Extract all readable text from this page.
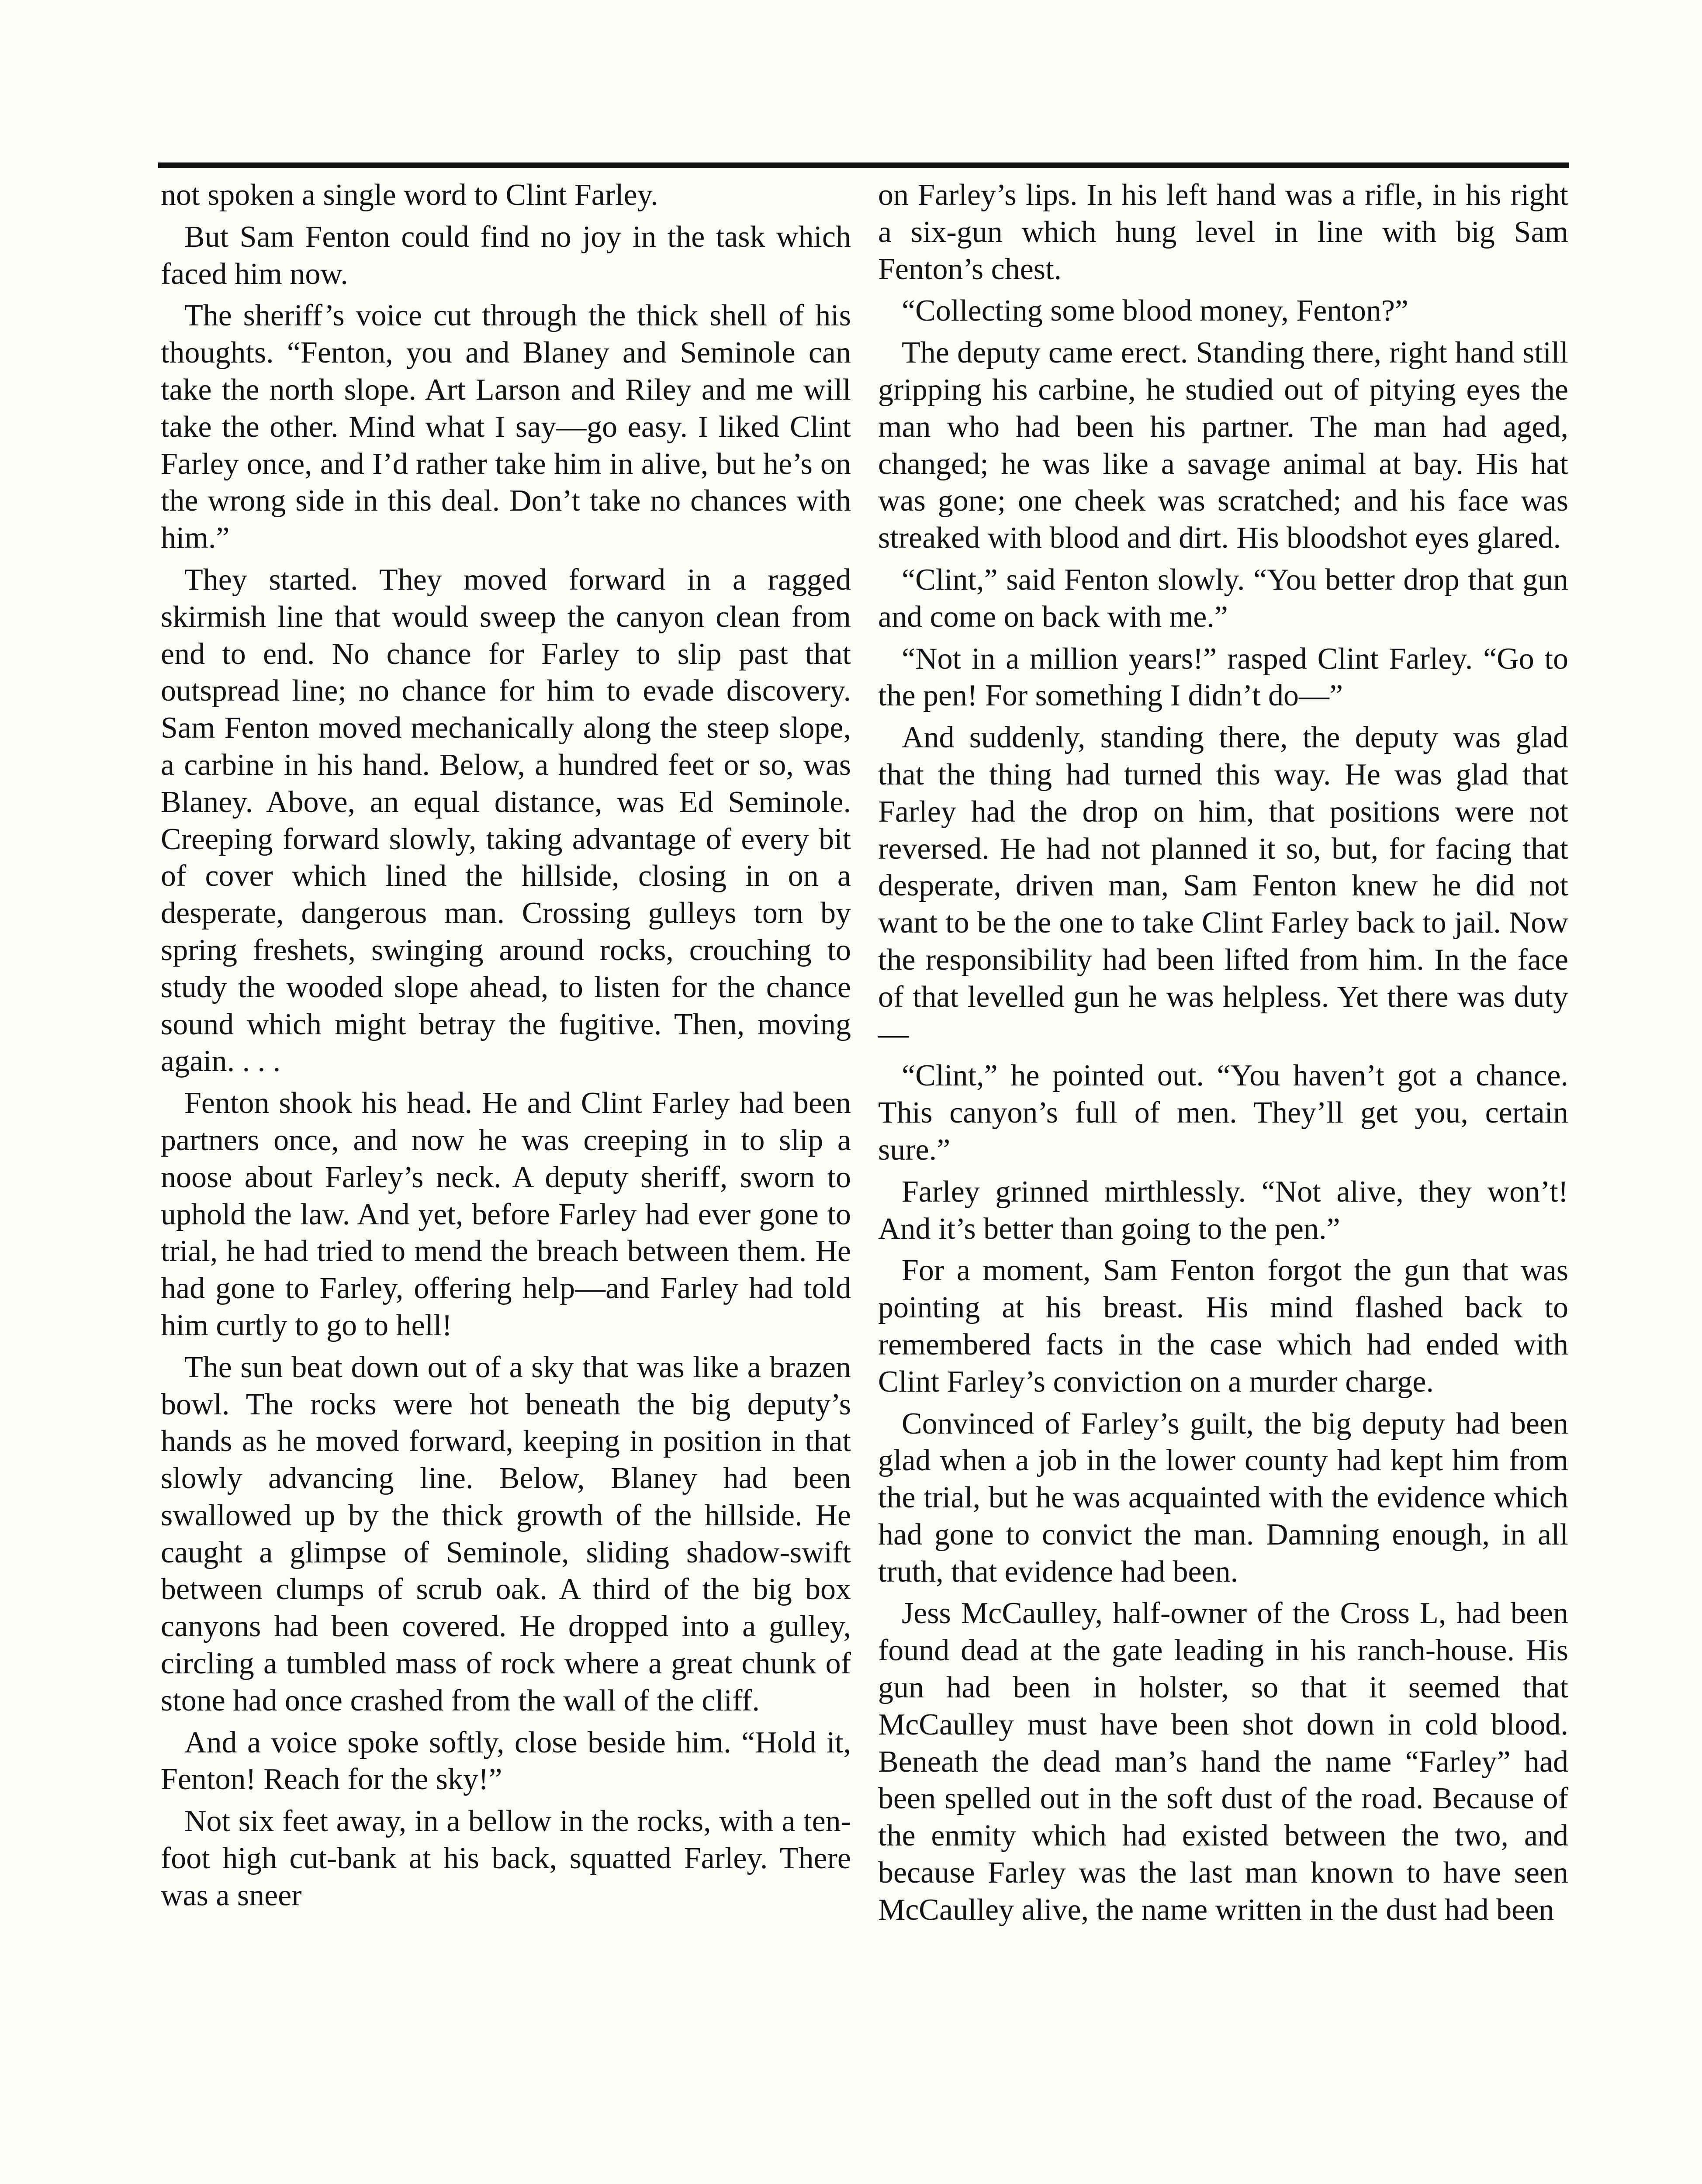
not spoken a single word to Clint Farley.

But Sam Fenton could find no joy in the task which faced him now.

The sheriff’s voice cut through the thick shell of his thoughts. “Fenton, you and Blaney and Seminole can take the north slope. Art Larson and Riley and me will take the other. Mind what I say—go easy. I liked Clint Farley once, and I’d rather take him in alive, but he’s on the wrong side in this deal. Don’t take no chances with him.”

They started. They moved forward in a ragged skirmish line that would sweep the canyon clean from end to end. No chance for Farley to slip past that outspread line; no chance for him to evade discovery. Sam Fenton moved mechanically along the steep slope, a carbine in his hand. Below, a hundred feet or so, was Blaney. Above, an equal distance, was Ed Seminole. Creeping forward slowly, taking advantage of every bit of cover which lined the hillside, closing in on a desperate, dangerous man. Crossing gulleys torn by spring freshets, swinging around rocks, crouching to study the wooded slope ahead, to listen for the chance sound which might betray the fugitive. Then, moving again. . . .

Fenton shook his head. He and Clint Farley had been partners once, and now he was creeping in to slip a noose about Farley’s neck. A deputy sheriff, sworn to uphold the law. And yet, before Farley had ever gone to trial, he had tried to mend the breach between them. He had gone to Farley, offering help—and Farley had told him curtly to go to hell!

The sun beat down out of a sky that was like a brazen bowl. The rocks were hot beneath the big deputy’s hands as he moved forward, keeping in position in that slowly advancing line. Below, Blaney had been swallowed up by the thick growth of the hillside. He caught a glimpse of Seminole, sliding shadow-swift between clumps of scrub oak. A third of the big box canyons had been covered. He dropped into a gulley, circling a tumbled mass of rock where a great chunk of stone had once crashed from the wall of the cliff.

And a voice spoke softly, close beside him. “Hold it, Fenton! Reach for the sky!”

Not six feet away, in a bellow in the rocks, with a ten-foot high cut-bank at his back, squatted Farley. There was a sneer

on Farley’s lips. In his left hand was a rifle, in his right a six-gun which hung level in line with big Sam Fenton’s chest.

“Collecting some blood money, Fenton?”

The deputy came erect. Standing there, right hand still gripping his carbine, he studied out of pitying eyes the man who had been his partner. The man had aged, changed; he was like a savage animal at bay. His hat was gone; one cheek was scratched; and his face was streaked with blood and dirt. His bloodshot eyes glared.

“Clint,” said Fenton slowly. “You better drop that gun and come on back with me.”

“Not in a million years!” rasped Clint Farley. “Go to the pen! For something I didn’t do—”

And suddenly, standing there, the deputy was glad that the thing had turned this way. He was glad that Farley had the drop on him, that positions were not reversed. He had not planned it so, but, for facing that desperate, driven man, Sam Fenton knew he did not want to be the one to take Clint Farley back to jail. Now the responsibility had been lifted from him. In the face of that levelled gun he was helpless. Yet there was duty—

“Clint,” he pointed out. “You haven’t got a chance. This canyon’s full of men. They’ll get you, certain sure.”

Farley grinned mirthlessly. “Not alive, they won’t! And it’s better than going to the pen.”

For a moment, Sam Fenton forgot the gun that was pointing at his breast. His mind flashed back to remembered facts in the case which had ended with Clint Farley’s conviction on a murder charge.

Convinced of Farley’s guilt, the big deputy had been glad when a job in the lower county had kept him from the trial, but he was acquainted with the evidence which had gone to convict the man. Damning enough, in all truth, that evidence had been.

Jess McCaulley, half-owner of the Cross L, had been found dead at the gate leading in his ranch-house. His gun had been in holster, so that it seemed that McCaulley must have been shot down in cold blood. Beneath the dead man’s hand the name “Farley” had been spelled out in the soft dust of the road. Because of the enmity which had existed between the two, and because Farley was the last man known to have seen McCaulley alive, the name written in the dust had been
